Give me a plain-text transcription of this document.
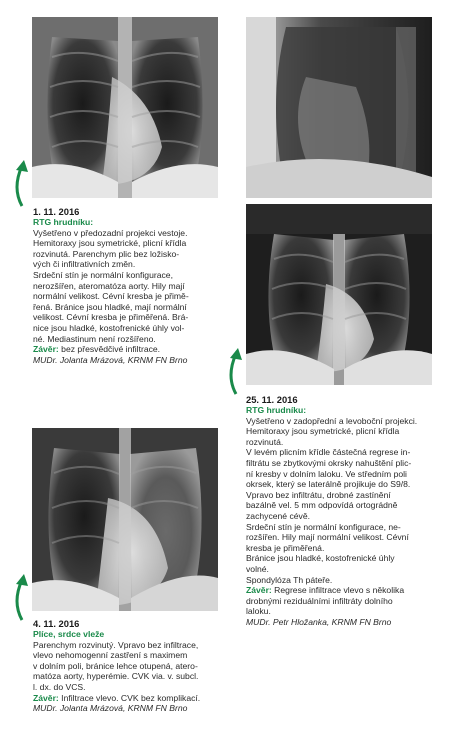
1. 11. 2016
RTG hrudníku:
Vyšetřeno v předozadní projekci vestoje.
Hemitoraxy jsou symetrické, plicní křídla
rozvinutá. Parenchym plic bez ložisko-
vých či infiltrativních změn.
Srdeční stín je normální konfigurace,
nerozšířen, ateromatóza aorty. Hily mají
normální velikost. Cévní kresba je přimě-
řená. Bránice jsou hladké, mají normální
velikost. Cévní kresba je přiměřená. Brá-
nice jsou hladké, kostofrenické úhly vol-
né. Mediastinum není rozšířeno.
Závěr: bez přesvědčivé infiltrace.
MUDr. Jolanta Mrázová, KRNM FN Brno
25. 11. 2016
RTG hrudníku:
Vyšetřeno v zadopřední a levoboční projekci.
Hemitoraxy jsou symetrické, plicní křídla
rozvinutá.
V levém plicním křídle částečná regrese in-
filtrátu se zbytkovými okrsky nahuštění plic-
ní kresby v dolním laloku. Ve středním poli
okrsek, který se laterálně projikuje do S9/8.
Vpravo bez infiltrátu, drobné zastínění
bazálně vel. 5 mm odpovídá ortográdně
zachycené cévě.
Srdeční stín je normální konfigurace, ne-
rozšířen. Hily mají normální velikost. Cévní
kresba je přiměřená.
Bránice jsou hladké, kostofrenické úhly
volné.
Spondylóza Th páteře.
Závěr: Regrese infiltrace vlevo s několika
drobnými reziduálními infiltráty dolního
laloku.
MUDr. Petr Hložanka, KRNM FN Brno
4. 11. 2016
Plíce, srdce vleže
Parenchym rozvinutý. Vpravo bez infiltrace,
vlevo nehomogenní zastření s maximem
v dolním poli, bránice lehce otupená, atero-
matóza aorty, hyperémie. CVK via. v. subcl.
l. dx. do VCS.
Závěr: Infiltrace vlevo. CVK bez komplikací.
MUDr. Jolanta Mrázová, KRNM FN Brno
